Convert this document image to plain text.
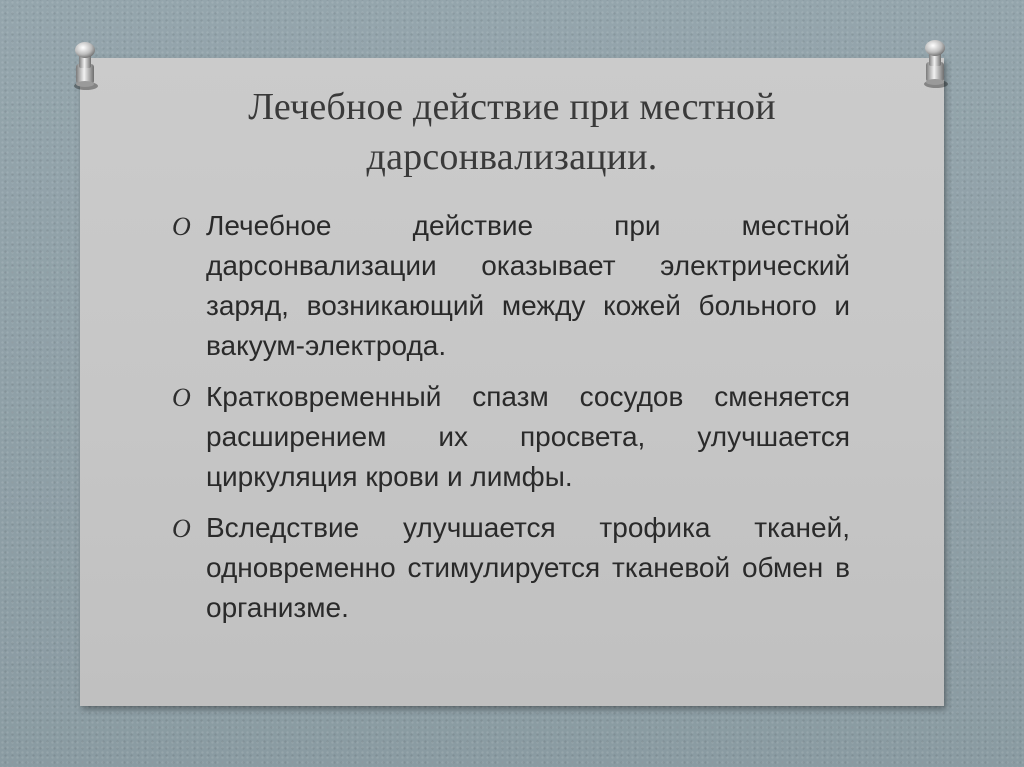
Лечебное действие при местной
дарсонвализации.
O Лечебное действие при местной дарсонвализации оказывает электрический заряд, возникающий между кожей больного и вакуум-электрода.
O Кратковременный спазм сосудов сменяется расширением их просвета, улучшается циркуляция крови и лимфы.
O Вследствие улучшается трофика тканей, одновременно стимулируется тканевой обмен в организме.
